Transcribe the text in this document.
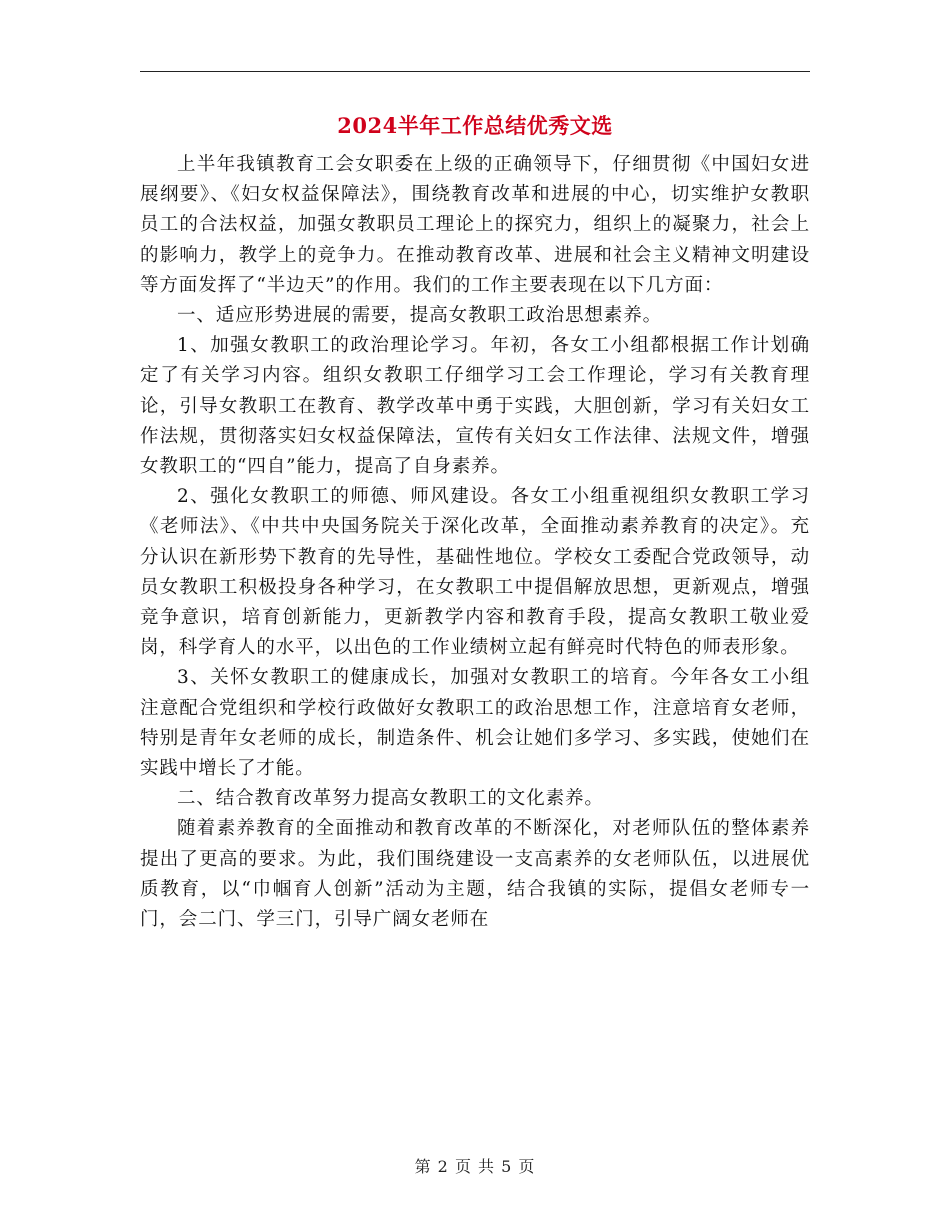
2024半年工作总结优秀文选

上半年我镇教育工会女职委在上级的正确领导下，仔细贯彻《中国妇女进展纲要》、《妇女权益保障法》，围绕教育改革和进展的中心，切实维护女教职员工的合法权益，加强女教职员工理论上的探究力，组织上的凝聚力，社会上的影响力，教学上的竞争力。在推动教育改革、进展和社会主义精神文明建设等方面发挥了“半边天”的作用。我们的工作主要表现在以下几方面：

一、适应形势进展的需要，提高女教职工政治思想素养。

1、加强女教职工的政治理论学习。年初，各女工小组都根据工作计划确定了有关学习内容。组织女教职工仔细学习工会工作理论，学习有关教育理论，引导女教职工在教育、教学改革中勇于实践，大胆创新，学习有关妇女工作法规，贯彻落实妇女权益保障法，宣传有关妇女工作法律、法规文件，增强女教职工的“四自”能力，提高了自身素养。

2、强化女教职工的师德、师风建设。各女工小组重视组织女教职工学习《老师法》、《中共中央国务院关于深化改革，全面推动素养教育的决定》。充分认识在新形势下教育的先导性，基础性地位。学校女工委配合党政领导，动员女教职工积极投身各种学习，在女教职工中提倡解放思想，更新观点，增强竞争意识，培育创新能力，更新教学内容和教育手段，提高女教职工敬业爱岗，科学育人的水平，以出色的工作业绩树立起有鲜亮时代特色的师表形象。

3、关怀女教职工的健康成长，加强对女教职工的培育。今年各女工小组注意配合党组织和学校行政做好女教职工的政治思想工作，注意培育女老师，特别是青年女老师的成长，制造条件、机会让她们多学习、多实践，使她们在实践中增长了才能。

二、结合教育改革努力提高女教职工的文化素养。

随着素养教育的全面推动和教育改革的不断深化，对老师队伍的整体素养提出了更高的要求。为此，我们围绕建设一支高素养的女老师队伍，以进展优质教育，以“巾帼育人创新”活动为主题，结合我镇的实际，提倡女老师专一门，会二门、学三门，引导广阔女老师在

第 2 页 共 5 页
